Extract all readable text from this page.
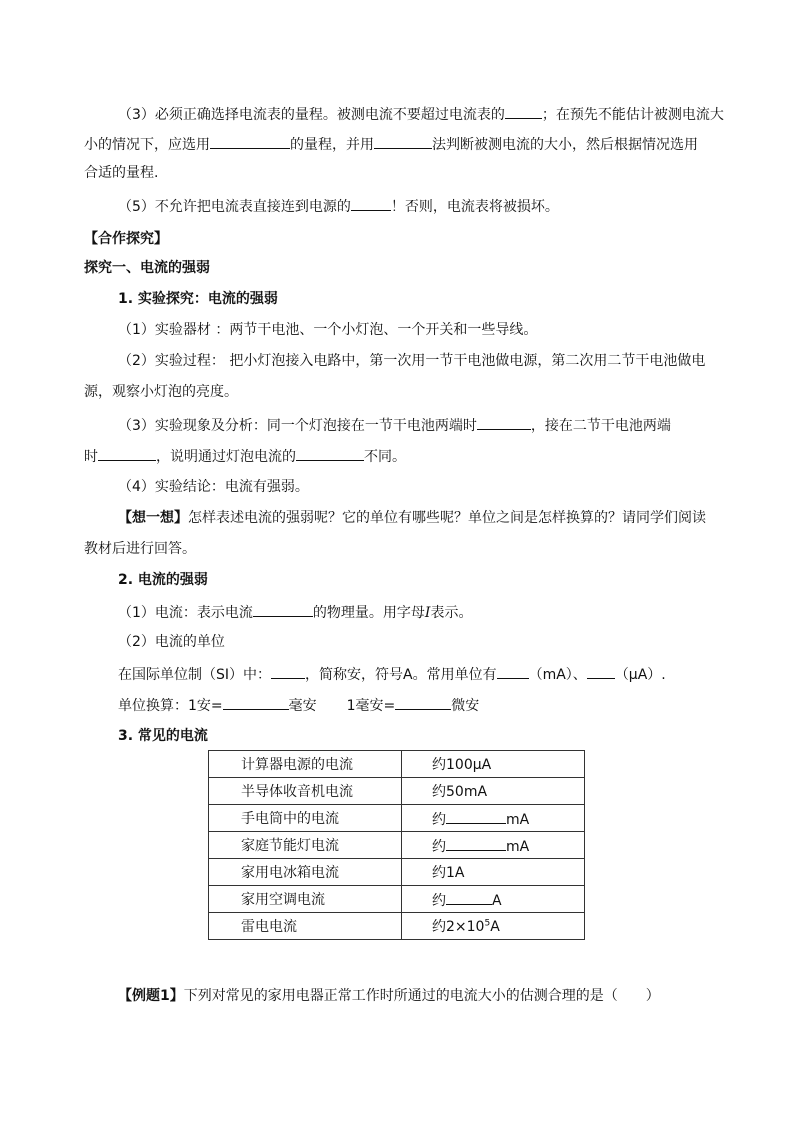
（3）必须正确选择电流表的量程。被测电流不要超过电流表的	；在预先不能估计被测电流大
小的情况下，应选用	的量程，并用	法判断被测电流的大小，然后根据情况选用
合适的量程.
（5）不允许把电流表直接连到电源的	！否则，电流表将被损坏。
【合作探究】
探究一、电流的强弱
1. 实验探究：电流的强弱
（1）实验器材 ：两节干电池、一个小灯泡、一个开关和一些导线。
（2）实验过程： 把小灯泡接入电路中，第一次用一节干电池做电源，第二次用二节干电池做电
源，观察小灯泡的亮度。
（3）实验现象及分析：同一个灯泡接在一节干电池两端时	，接在二节干电池两端
时	，说明通过灯泡电流的	不同。
（4）实验结论：电流有强弱。
【想一想】怎样表述电流的强弱呢？它的单位有哪些呢？单位之间是怎样换算的？请同学们阅读
教材后进行回答。
2. 电流的强弱
（1）电流：表示电流	的物理量。用字母I表示。
（2）电流的单位
在国际单位制（SI）中： ，简称安，符号A。常用单位有 （mA）、 （μA）.
单位换算：1安=	毫安 1毫安=	微安
3. 常见的电流
计算器电源的电流	约100μA
半导体收音机电流	约50mA
手电筒中的电流	约 mA
家庭节能灯电流	约 mA
家用电冰箱电流	约1A
家用空调电流	约 A
雷电电流	约$2\times 10^5A$
【例题1】下列对常见的家用电器正常工作时所通过的电流大小的估测合理的是（　　）
